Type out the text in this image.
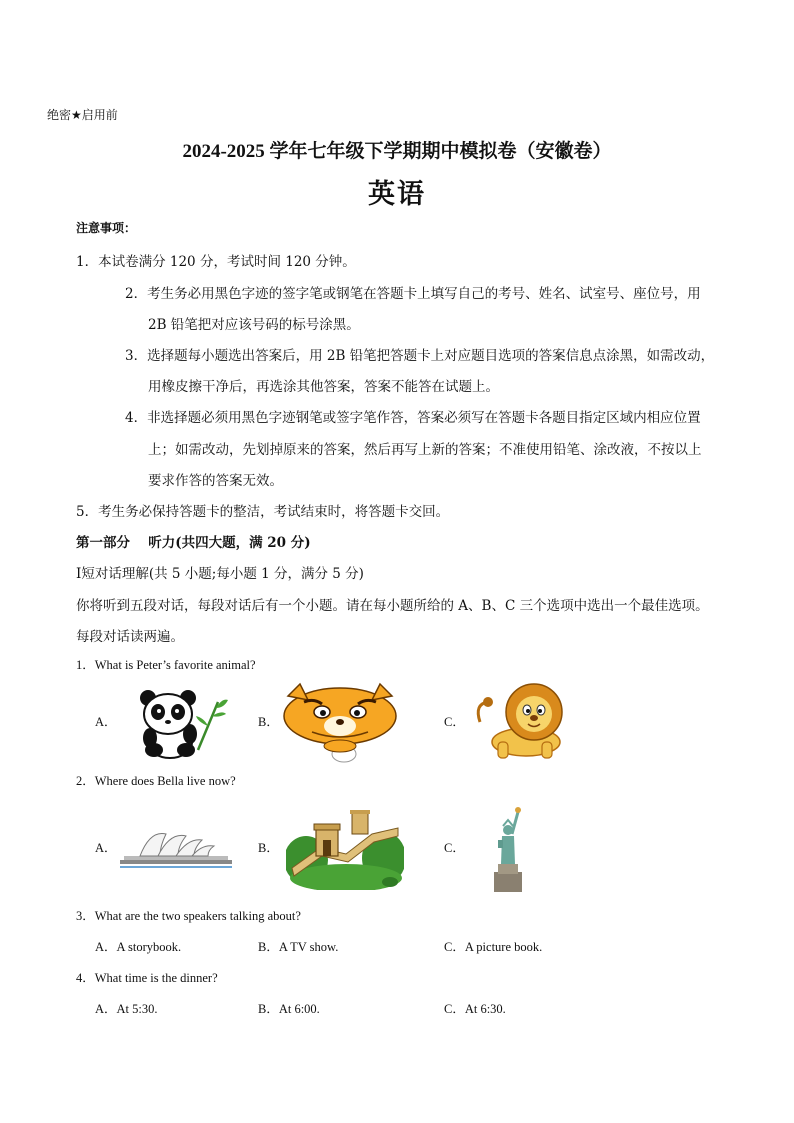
绝密★启用前
2024-2025 学年七年级下学期期中模拟卷（安徽卷）
英语
注意事项：
1．本试卷满分 120 分，考试时间 120 分钟。
2．考生务必用黑色字迹的签字笔或钢笔在答题卡上填写自己的考号、姓名、试室号、座位号，用
2B 铅笔把对应该号码的标号涂黑。
3．选择题每小题选出答案后，用 2B 铅笔把答题卡上对应题目选项的答案信息点涂黑，如需改动，
用橡皮擦干净后，再选涂其他答案，答案不能答在试题上。
4．非选择题必须用黑色字迹钢笔或签字笔作答，答案必须写在答题卡各题目指定区域内相应位置
上；如需改动，先划掉原来的答案，然后再写上新的答案；不准使用铅笔、涂改液，不按以上
要求作答的答案无效。
5．考生务必保持答题卡的整洁，考试结束时，将答题卡交回。
第一部分　 听力(共四大题，满 20 分)
Ⅰ短对话理解(共 5 小题;每小题 1 分，满分 5 分)
你将听到五段对话，每段对话后有一个小题。请在每小题所给的 A、B、C 三个选项中选出一个最佳选项。
每段对话读两遍。
1．What is Peter’s favorite animal?
A．	B．	C．
2．Where does Bella live now?
A．	B．	C．
3．What are the two speakers talking about?
A．A storybook.	B．A TV show.	C．A picture book.
4．What time is the dinner?
A．At 5:30.	B．At 6:00.	C．At 6:30.
